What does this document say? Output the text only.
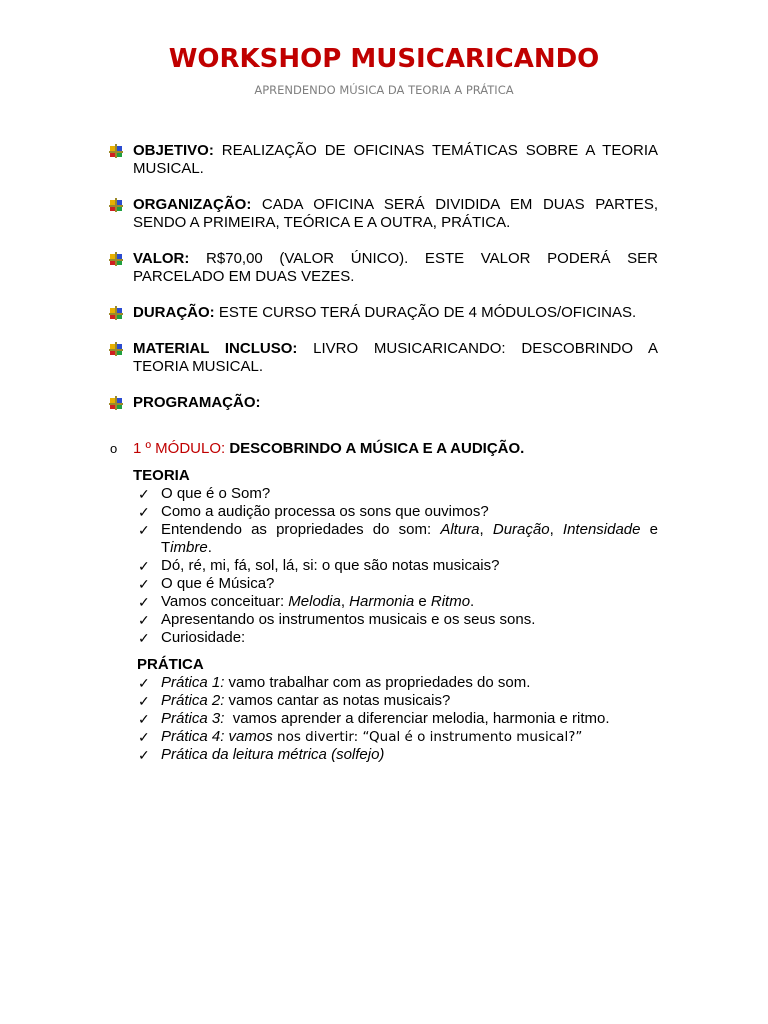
WORKSHOP MUSICARICANDO
APRENDENDO MÚSICA DA TEORIA A PRÁTICA
OBJETIVO: REALIZAÇÃO DE OFICINAS TEMÁTICAS SOBRE A TEORIA MUSICAL.
ORGANIZAÇÃO: CADA OFICINA SERÁ DIVIDIDA EM DUAS PARTES, SENDO A PRIMEIRA, TEÓRICA E A OUTRA, PRÁTICA.
VALOR: R$70,00 (VALOR ÚNICO). ESTE VALOR PODERÁ SER PARCELADO EM DUAS VEZES.
DURAÇÃO: ESTE CURSO TERÁ DURAÇÃO DE 4 MÓDULOS/OFICINAS.
MATERIAL INCLUSO: LIVRO MUSICARICANDO: DESCOBRINDO A TEORIA MUSICAL.
PROGRAMAÇÃO:
o 1 º MÓDULO: DESCOBRINDO A MÚSICA E A AUDIÇÃO.
TEORIA
✓ O que é o Som?
✓ Como a audição processa os sons que ouvimos?
✓ Entendendo as propriedades do som: Altura, Duração, Intensidade e Timbre.
✓ Dó, ré, mi, fá, sol, lá, si: o que são notas musicais?
✓ O que é Música?
✓ Vamos conceituar: Melodia, Harmonia e Ritmo.
✓ Apresentando os instrumentos musicais e os seus sons.
✓ Curiosidade:
PRÁTICA
✓ Prática 1: vamo trabalhar com as propriedades do som.
✓ Prática 2: vamos cantar as notas musicais?
✓ Prática 3:  vamos aprender a diferenciar melodia, harmonia e ritmo.
✓ Prática 4: vamos nos divertir: “Qual é o instrumento musical?”
✓ Prática da leitura métrica (solfejo)
